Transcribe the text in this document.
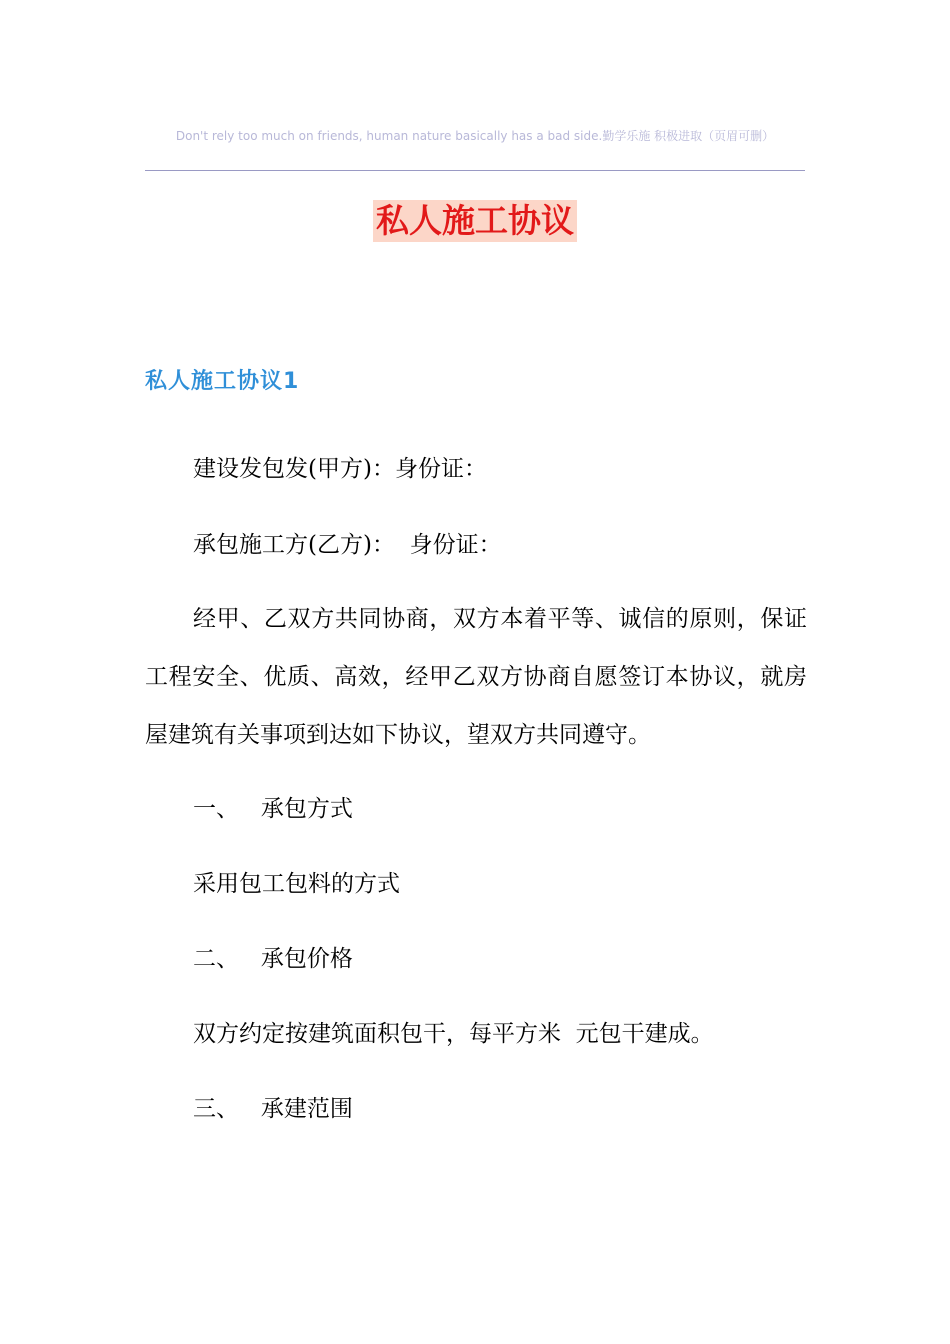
Don't rely too much on friends, human nature basically has a bad side.勤学乐施 积极进取（页眉可删）
私人施工协议
私人施工协议1
建设发包发(甲方)：身份证：
承包施工方(乙方)：  身份证：
经甲、乙双方共同协商，双方本着平等、诚信的原则，保证工程安全、优质、高效，经甲乙双方协商自愿签订本协议，就房屋建筑有关事项到达如下协议，望双方共同遵守。
一、   承包方式
采用包工包料的方式
二、   承包价格
双方约定按建筑面积包干，每平方米  元包干建成。
三、   承建范围
